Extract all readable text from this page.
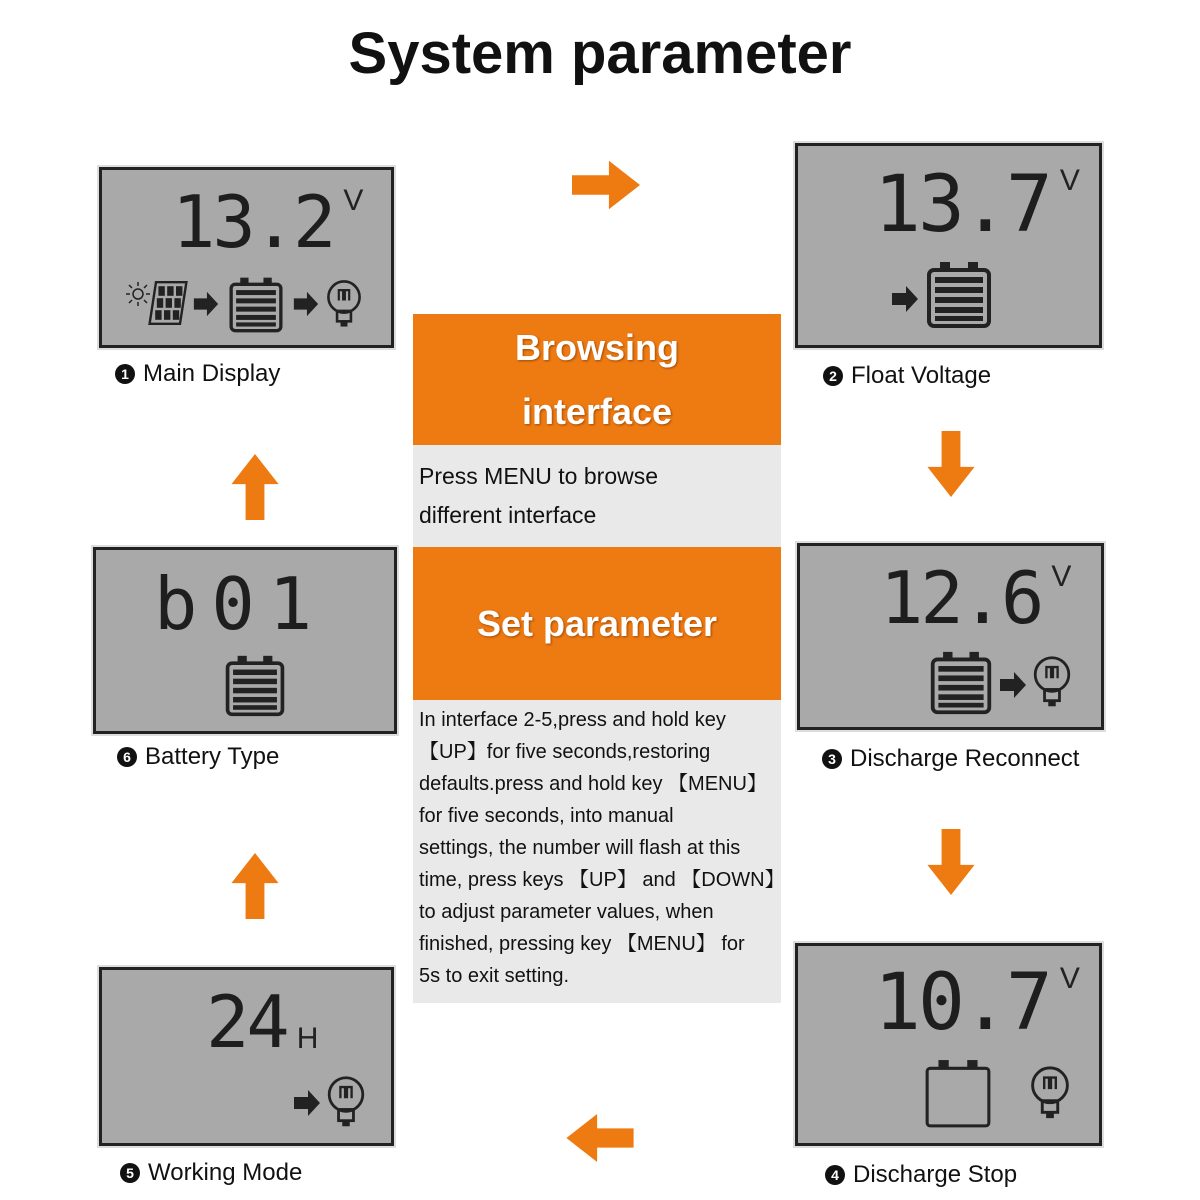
System parameter
13.2 V
1 Main Display
13.7 V
2 Float Voltage
12.6 V
3 Discharge Reconnect
10.7 V
4 Discharge Stop
24 H
5 Working Mode
b01
6 Battery Type
Browsing
interface
Press MENU to browse
different interface
Set parameter
In interface 2-5,press and hold key
【UP】for five seconds,restoring
defaults.press and hold key 【MENU】
for five seconds, into manual
settings, the number will flash at this
time, press keys 【UP】 and 【DOWN】
to adjust parameter values, when
finished, pressing key 【MENU】 for
5s to exit setting.
